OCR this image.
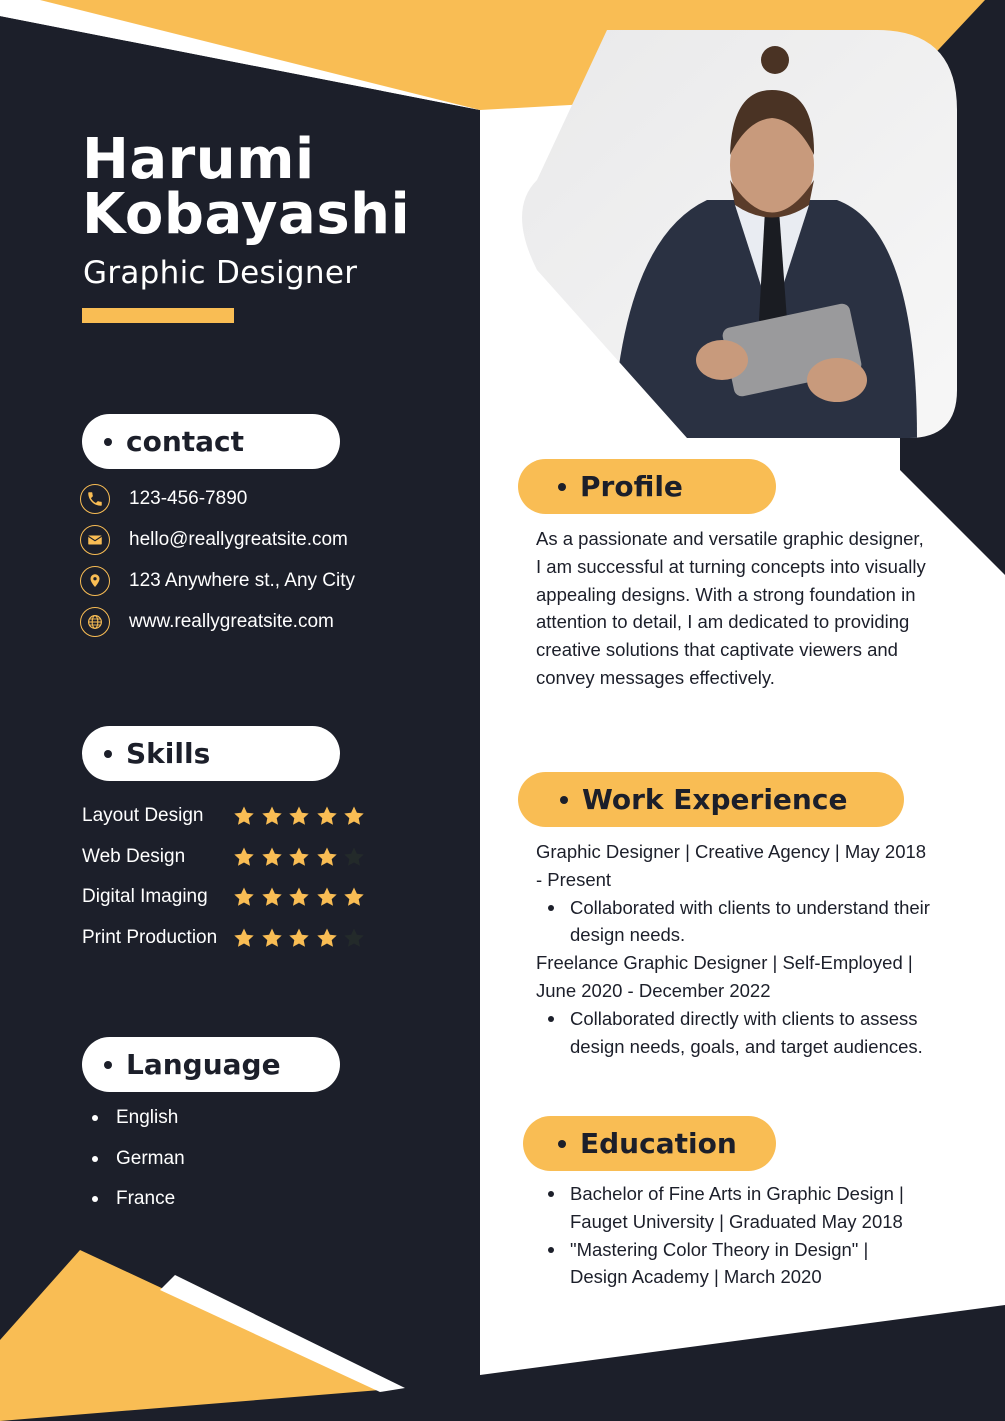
Harumi
Kobayashi
Graphic Designer
contact
123-456-7890
hello@reallygreatsite.com
123 Anywhere st., Any City
www.reallygreatsite.com
Skills
Layout Design
Web Design
Digital Imaging
Print Production
Language
English
German
France
Profile

As a passionate and versatile graphic designer, I am successful at turning concepts into visually appealing designs. With a strong foundation in attention to detail, I am dedicated to providing creative solutions that captivate viewers and convey messages effectively.

Work Experience

Graphic Designer | Creative Agency | May 2018 - Present

Collaborated with clients to understand their design needs.

Freelance Graphic Designer | Self-Employed | June 2020 - December 2022

Collaborated directly with clients to assess design needs, goals, and target audiences.
Education
Bachelor of Fine Arts in Graphic Design | Fauget University | Graduated May 2018
"Mastering Color Theory in Design" | Design Academy | March 2020
